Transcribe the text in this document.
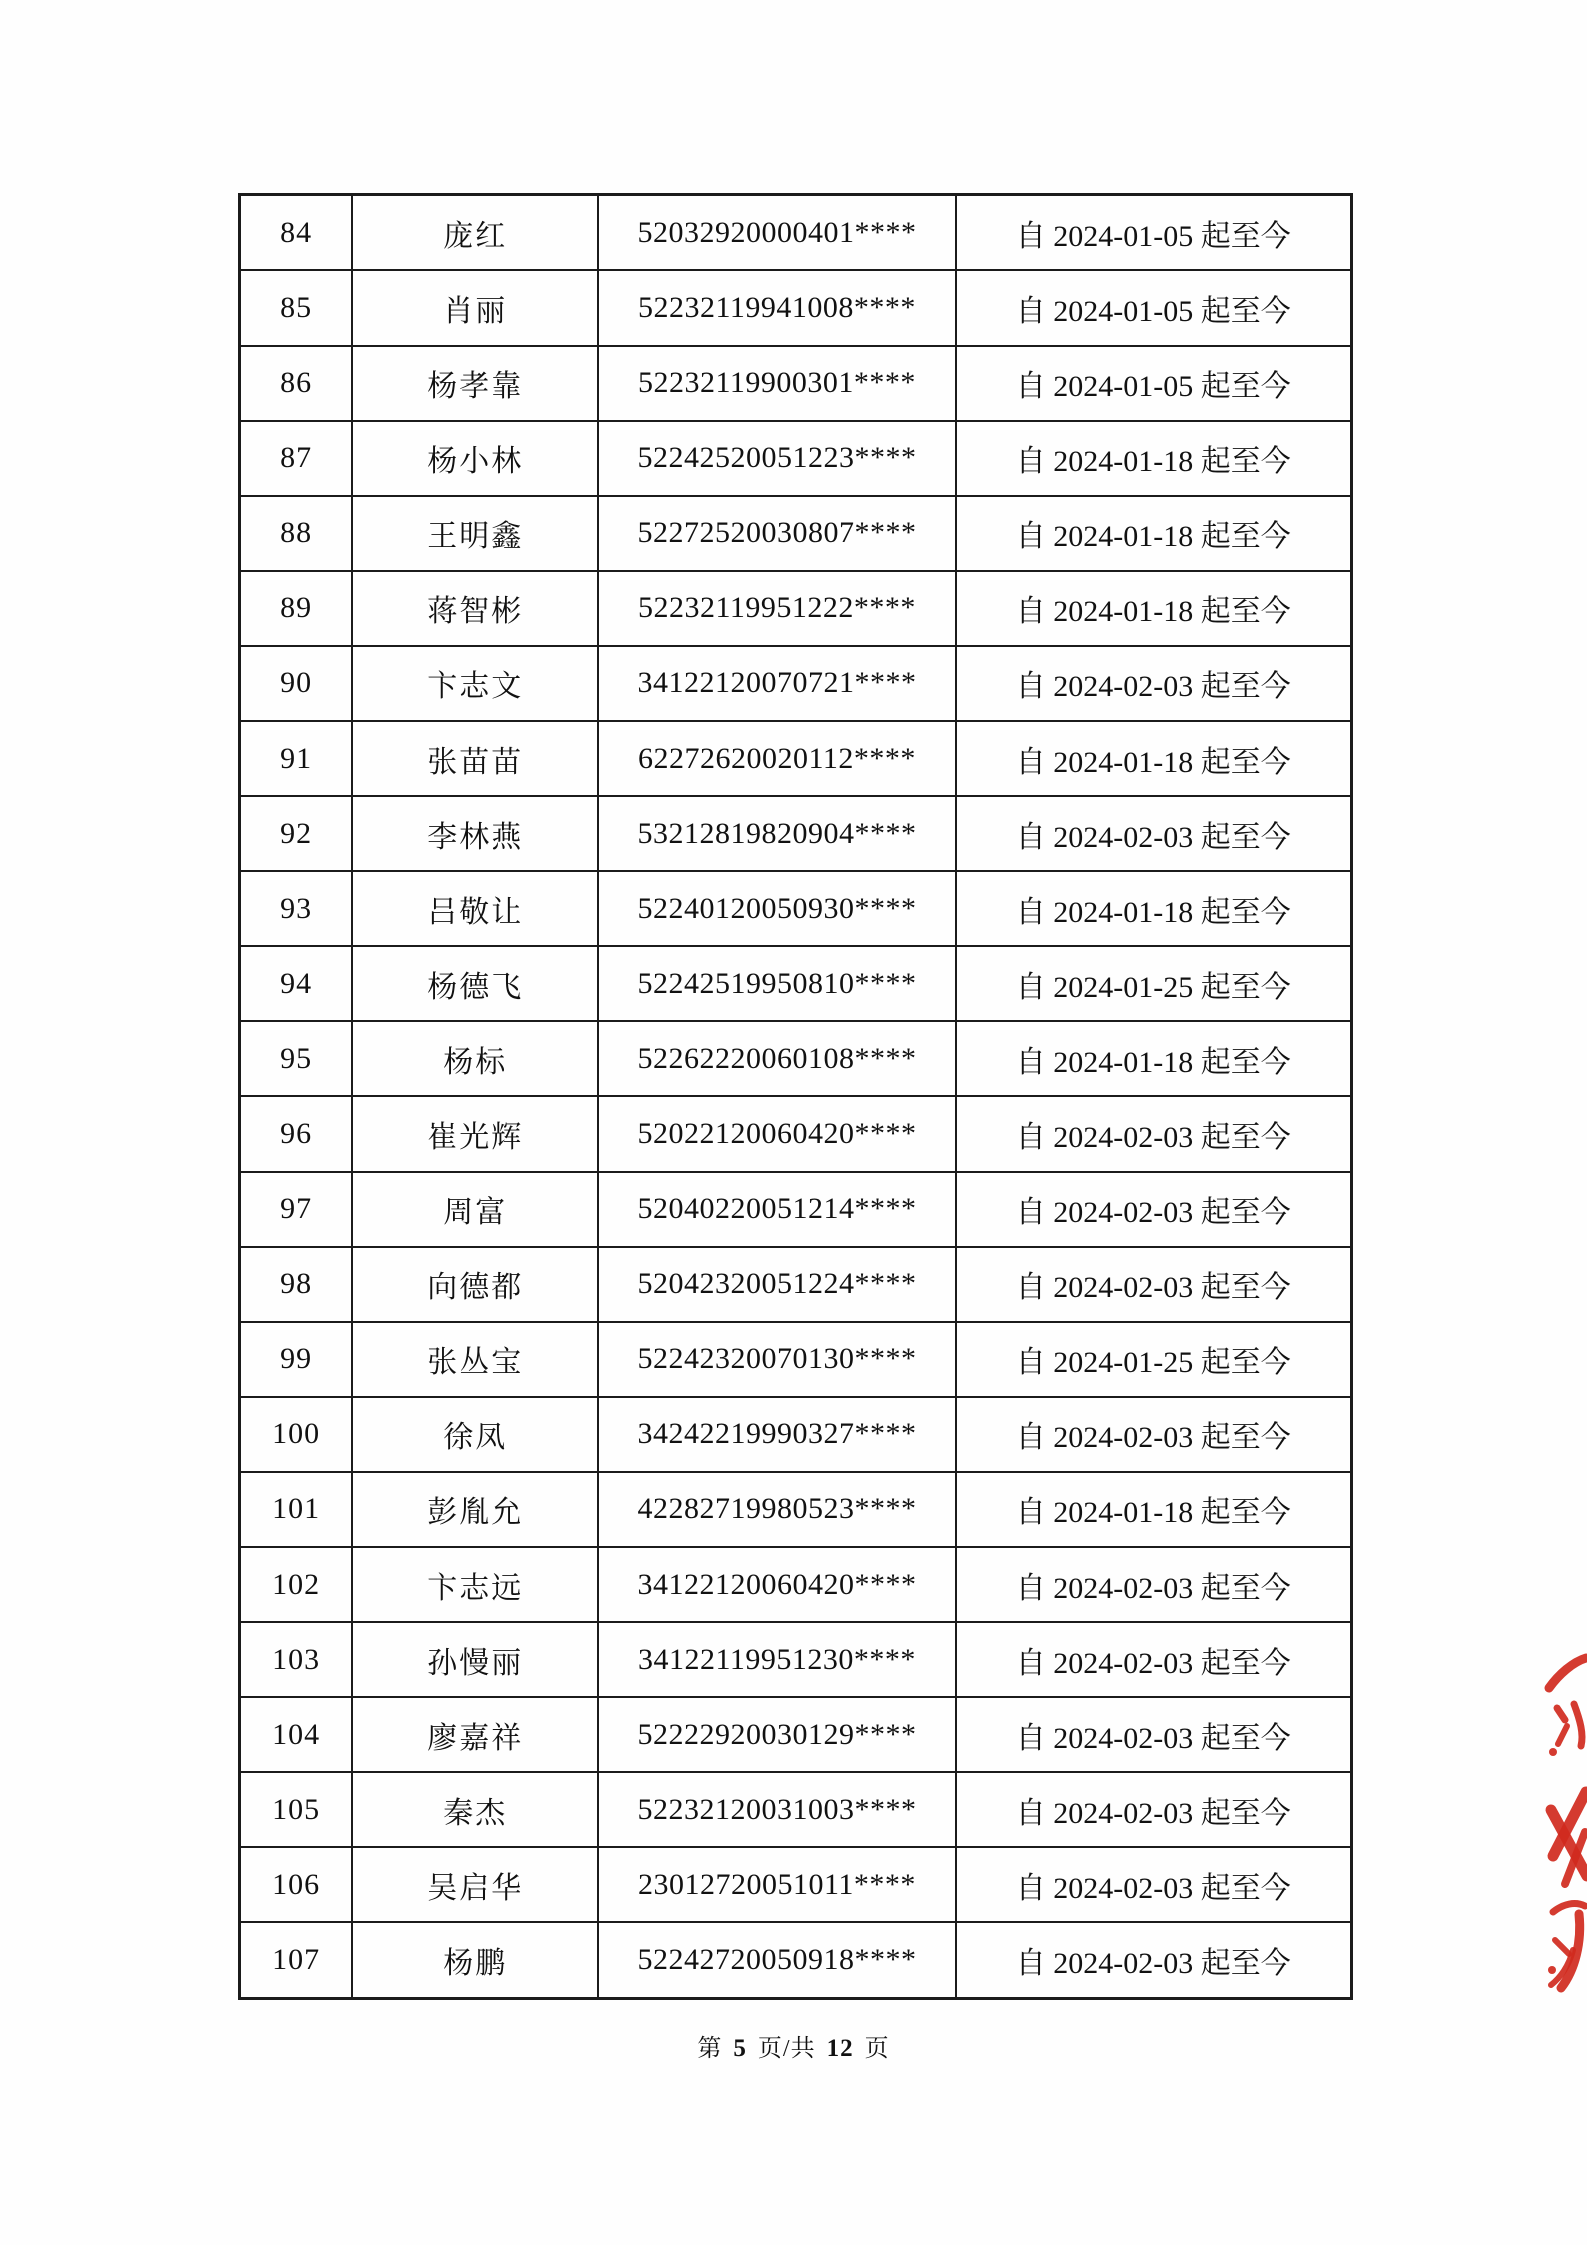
84	庞红	52032920000401****	自 2024-01-05 起至今
85	肖丽	52232119941008****	自 2024-01-05 起至今
86	杨孝靠	52232119900301****	自 2024-01-05 起至今
87	杨小林	52242520051223****	自 2024-01-18 起至今
88	王明鑫	52272520030807****	自 2024-01-18 起至今
89	蒋智彬	52232119951222****	自 2024-01-18 起至今
90	卞志文	34122120070721****	自 2024-02-03 起至今
91	张苗苗	62272620020112****	自 2024-01-18 起至今
92	李林燕	53212819820904****	自 2024-02-03 起至今
93	吕敬让	52240120050930****	自 2024-01-18 起至今
94	杨德飞	52242519950810****	自 2024-01-25 起至今
95	杨标	52262220060108****	自 2024-01-18 起至今
96	崔光辉	52022120060420****	自 2024-02-03 起至今
97	周富	52040220051214****	自 2024-02-03 起至今
98	向德都	52042320051224****	自 2024-02-03 起至今
99	张丛宝	52242320070130****	自 2024-01-25 起至今
100	徐凤	34242219990327****	自 2024-02-03 起至今
101	彭胤允	42282719980523****	自 2024-01-18 起至今
102	卞志远	34122120060420****	自 2024-02-03 起至今
103	孙慢丽	34122119951230****	自 2024-02-03 起至今
104	廖嘉祥	52222920030129****	自 2024-02-03 起至今
105	秦杰	52232120031003****	自 2024-02-03 起至今
106	吴启华	23012720051011****	自 2024-02-03 起至今
107	杨鹏	52242720050918****	自 2024-02-03 起至今
第 5 页/共 12 页
